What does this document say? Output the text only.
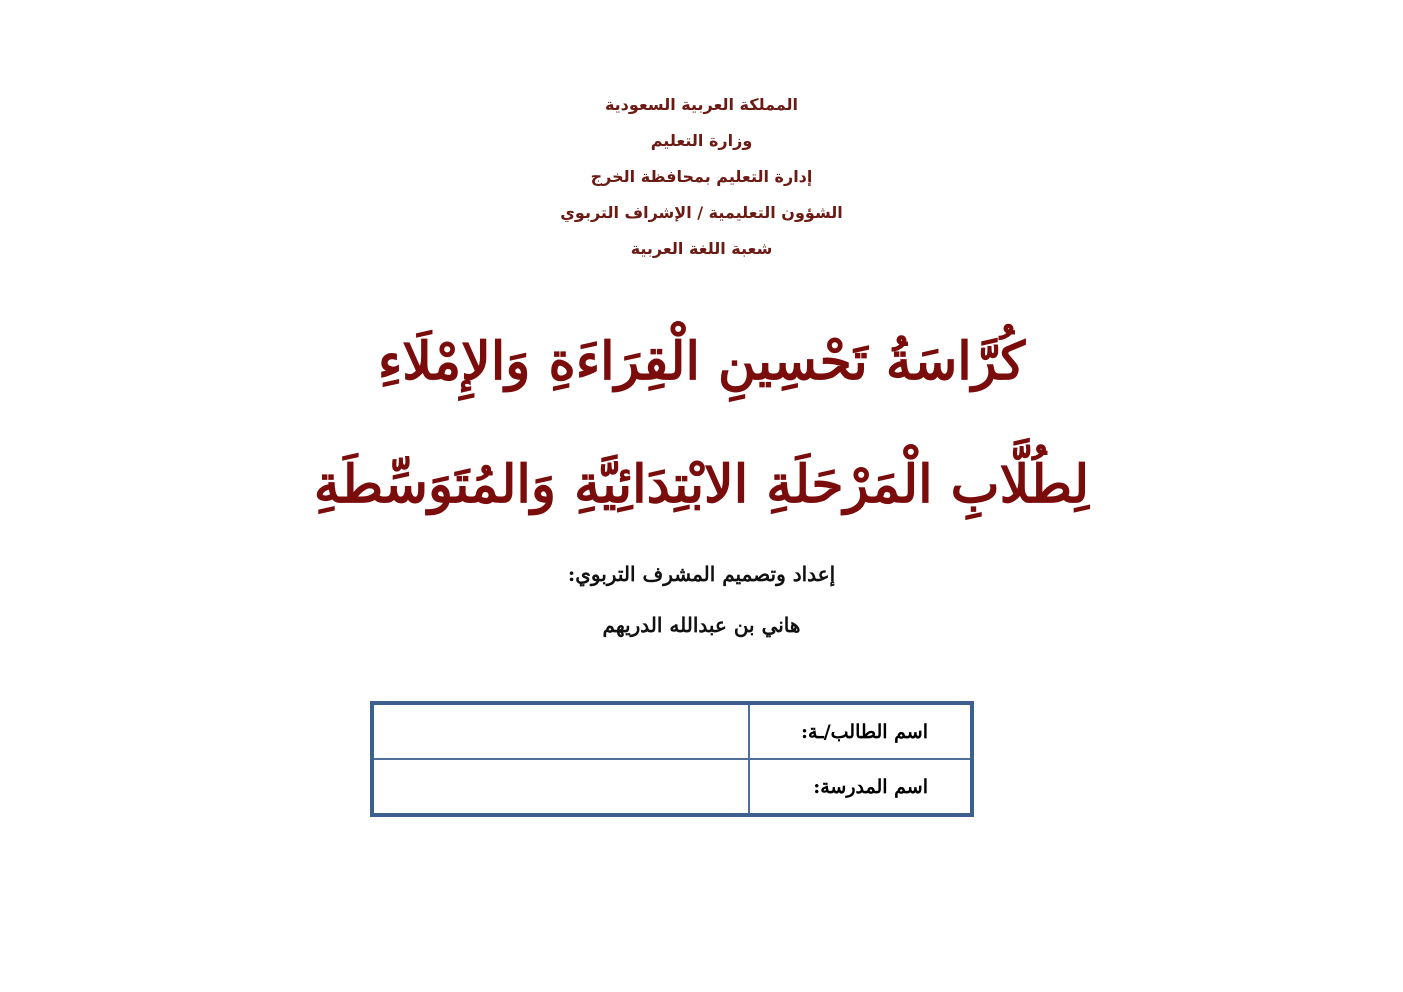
المملكة العربية السعودية
وزارة التعليم
إدارة التعليم بمحافظة الخرج
الشؤون التعليمية / الإشراف التربوي
شعبة اللغة العربية
كُرَّاسَةُ تَحْسِينِ الْقِرَاءَةِ وَالإِمْلَاءِ
لِطُلَّابِ الْمَرْحَلَةِ الابْتِدَائِيَّةِ وَالمُتَوَسِّطَةِ
إعداد وتصميم المشرف التربوي:
هاني بن عبدالله الدريهم
اسم الطالب/ـة:	
اسم المدرسة:	
